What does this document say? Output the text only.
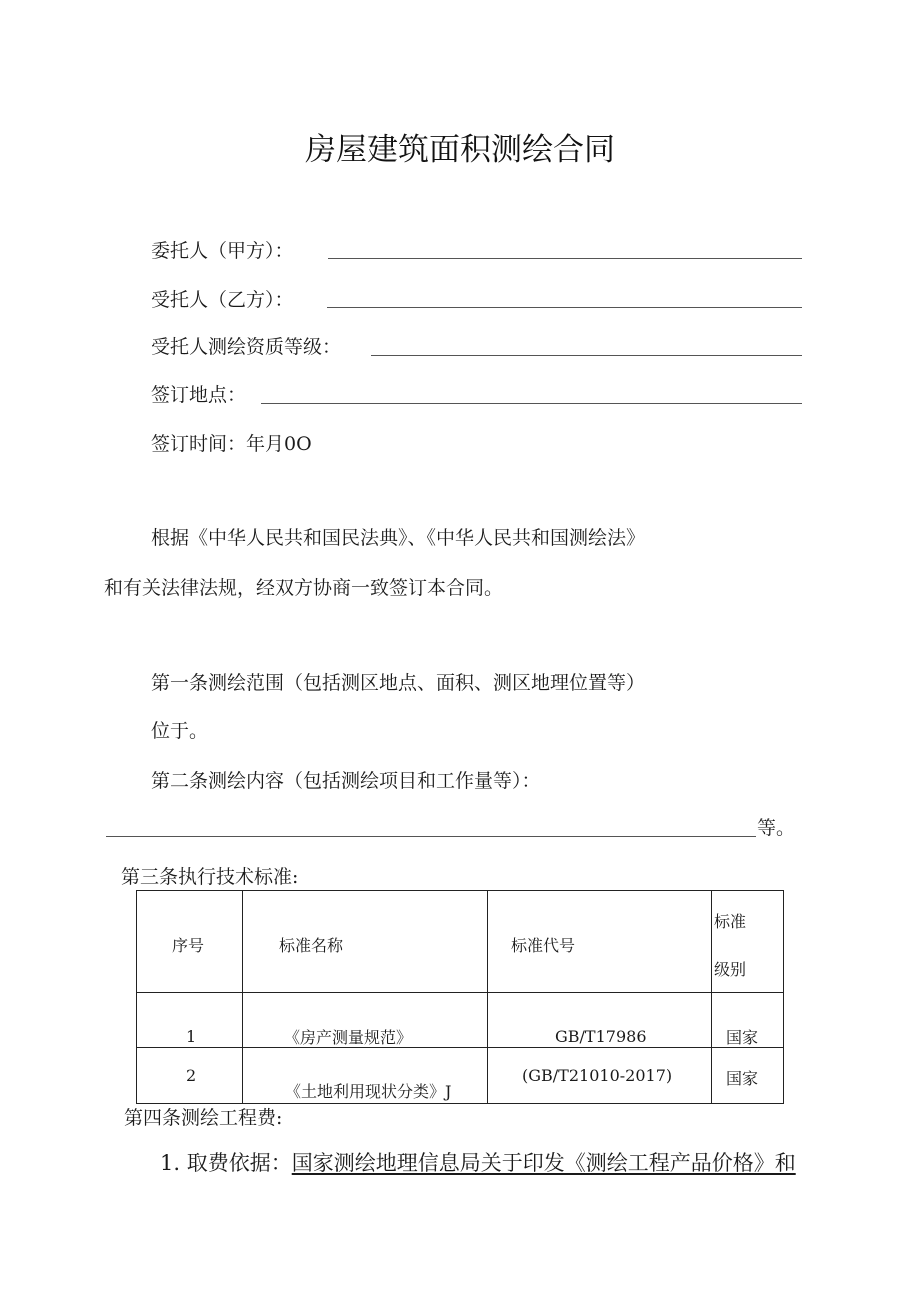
房屋建筑面积测绘合同
委托人（甲方）：
受托人（乙方）：
受托人测绘资质等级：
签订地点：
签订时间：年月0O
根据《中华人民共和国民法典》、《中华人民共和国测绘法》
和有关法律法规，经双方协商一致签订本合同。
第一条测绘范围（包括测区地点、面积、测区地理位置等）
位于。
第二条测绘内容（包括测绘项目和工作量等）：
等。
第三条执行技术标准:
序号	标准名称	标准代号	标准
级别

1	《房产测量规范》	GB/T17986	国家

2	《土地利用现状分类》J	(GB/T21010-2017)	国家
第四条测绘工程费:
1. 取费依据：国家测绘地理信息局关于印发《测绘工程产品价格》和
